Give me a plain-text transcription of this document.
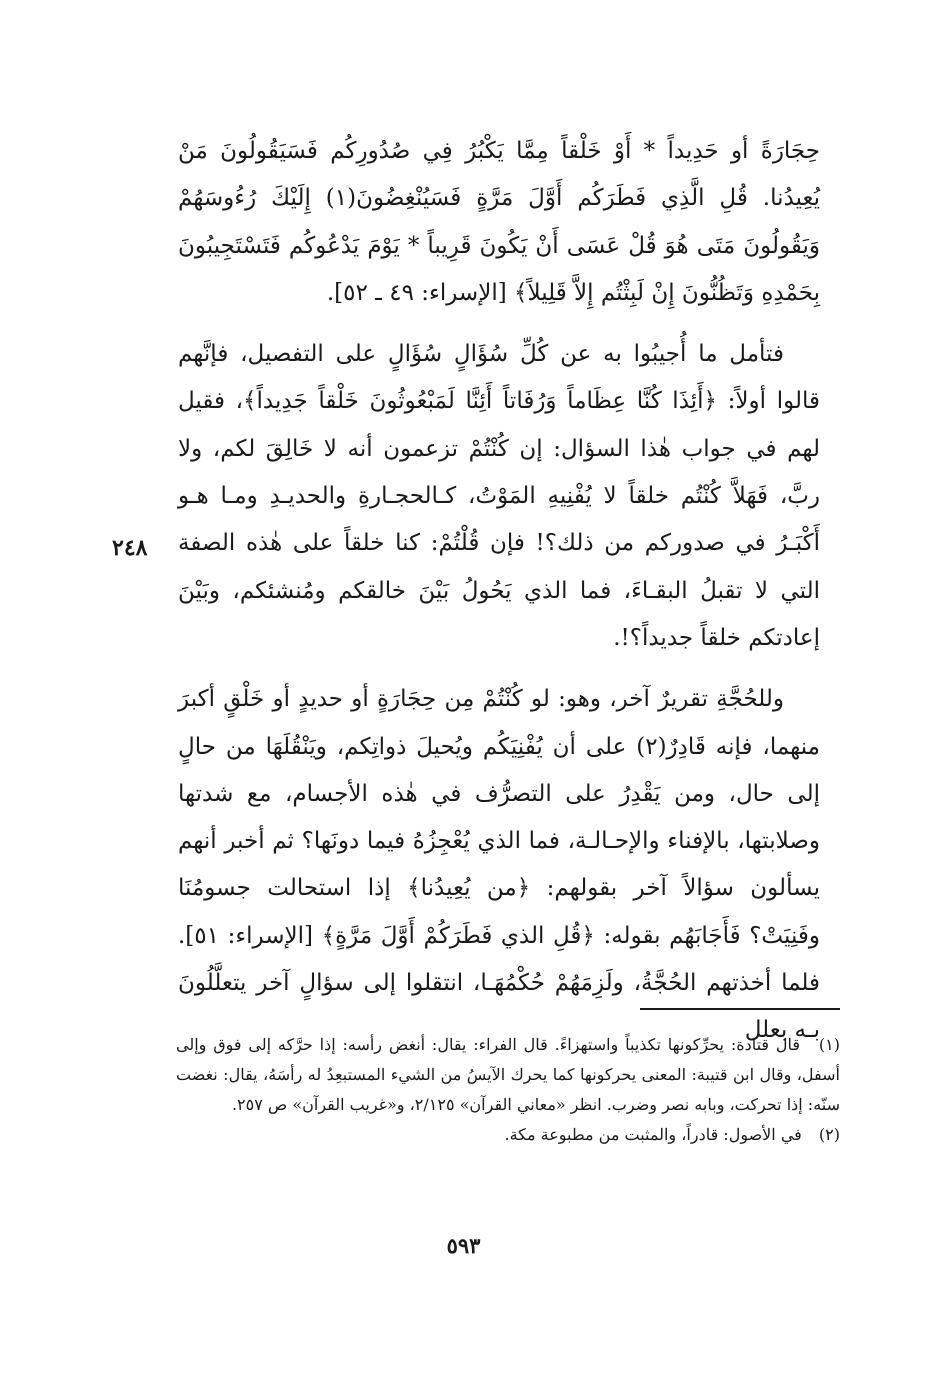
حِجَارَةً أو حَدِيداً * أَوْ خَلْقاً مِمَّا يَكْبُرُ فِي صُدُورِكُم فَسَيَقُولُونَ مَنْ يُعِيدُنا. قُلِ الَّذِي فَطَرَكُم أَوَّلَ مَرَّةٍ فَسَيُنْغِضُونَ(١) إِلَيْكَ رُءُوسَهُمْ وَيَقُولُونَ مَتَى هُوَ قُلْ عَسَى أَنْ يَكُونَ قَرِيباً * يَوْمَ يَدْعُوكُم فَتَسْتَجِيبُونَ بِحَمْدِهِ وَتَظُنُّونَ إِنْ لَبِثْتُم إِلاَّ قَلِيلاً﴾ [الإسراء: ٤٩ ـ ٥٢].

فتأمل ما أُجيبُوا به عن كُلِّ سُؤَالٍ سُؤَالٍ على التفصيل، فإنَّهم قالوا أولاً: ﴿أَئِذَا كُنَّا عِظَاماً وَرُفَاتاً أَئِنَّا لَمَبْعُوثُونَ خَلْقاً جَدِيداً﴾، فقيل لهم في جواب هٰذا السؤال: إن كُنْتُمْ تزعمون أنه لا خَالِقَ لكم، ولا ربَّ، فَهَلاَّ كُنْتُم خلقاً لا يُفْنِيهِ المَوْتُ، كـالحجـارةِ والحديـدِ ومـا هـو أَكْبَـرُ في صدوركم من ذلك؟! فإن قُلْتُمْ: كنا خلقاً على هٰذه الصفة التي لا تقبلُ البقـاءَ، فما الذي يَحُولُ بَيْنَ خالقكم ومُنشئكم، وبَيْنَ إعادتكم خلقاً جديداً؟!.

وللحُجَّةِ تقريرٌ آخر، وهو: لو كُنْتُمْ مِن حِجَارَةٍ أو حديدٍ أو خَلْقٍ أكبرَ منهما، فإنه قَادِرٌ(٢) على أن يُفْنِيَكُم ويُحيلَ ذواتِكم، ويَنْقُلَهَا من حالٍ إلى حال، ومن يَقْدِرُ على التصرُّف في هٰذه الأجسام، مع شدتها وصلابتها، بالإفناء والإحـالـة، فما الذي يُعْجِزُهُ فيما دونَها؟ ثم أخبر أنهم يسألون سؤالاً آخر بقولهم: ﴿من يُعِيدُنا﴾ إذا استحالت جسومُنَا وفَنِيَتْ؟ فَأَجَابَهُم بقوله: ﴿قُلِ الذي فَطَرَكُمْ أَوَّلَ مَرَّةٍ﴾ [الإسراء: ٥١]. فلما أخذتهم الحُجَّةُ، ولَزِمَهُمْ حُكْمُهَـا، انتقلوا إلى سؤالٍ آخر يتعلَّلُونَ بـه بعلل

٢٤٨

(١) قال قتادة: يحرِّكونها تكذيباً واستهزاءً. قال الفراء: يقال: أنغض رأسه: إذا حرَّكه إلى فوق وإلى أسفل، وقال ابن قتيبة: المعنى يحركونها كما يحرك الآيسُ من الشيء المستبعِدُ له رأسَهُ، يقال: نغضت سنّه: إذا تحركت، وبابه نصر وضرب. انظر «معاني القرآن» ٢/١٢٥، و«غريب القرآن» ص ٢٥٧.

(٢) في الأصول: قادراً، والمثبت من مطبوعة مكة.

٥٩٣
